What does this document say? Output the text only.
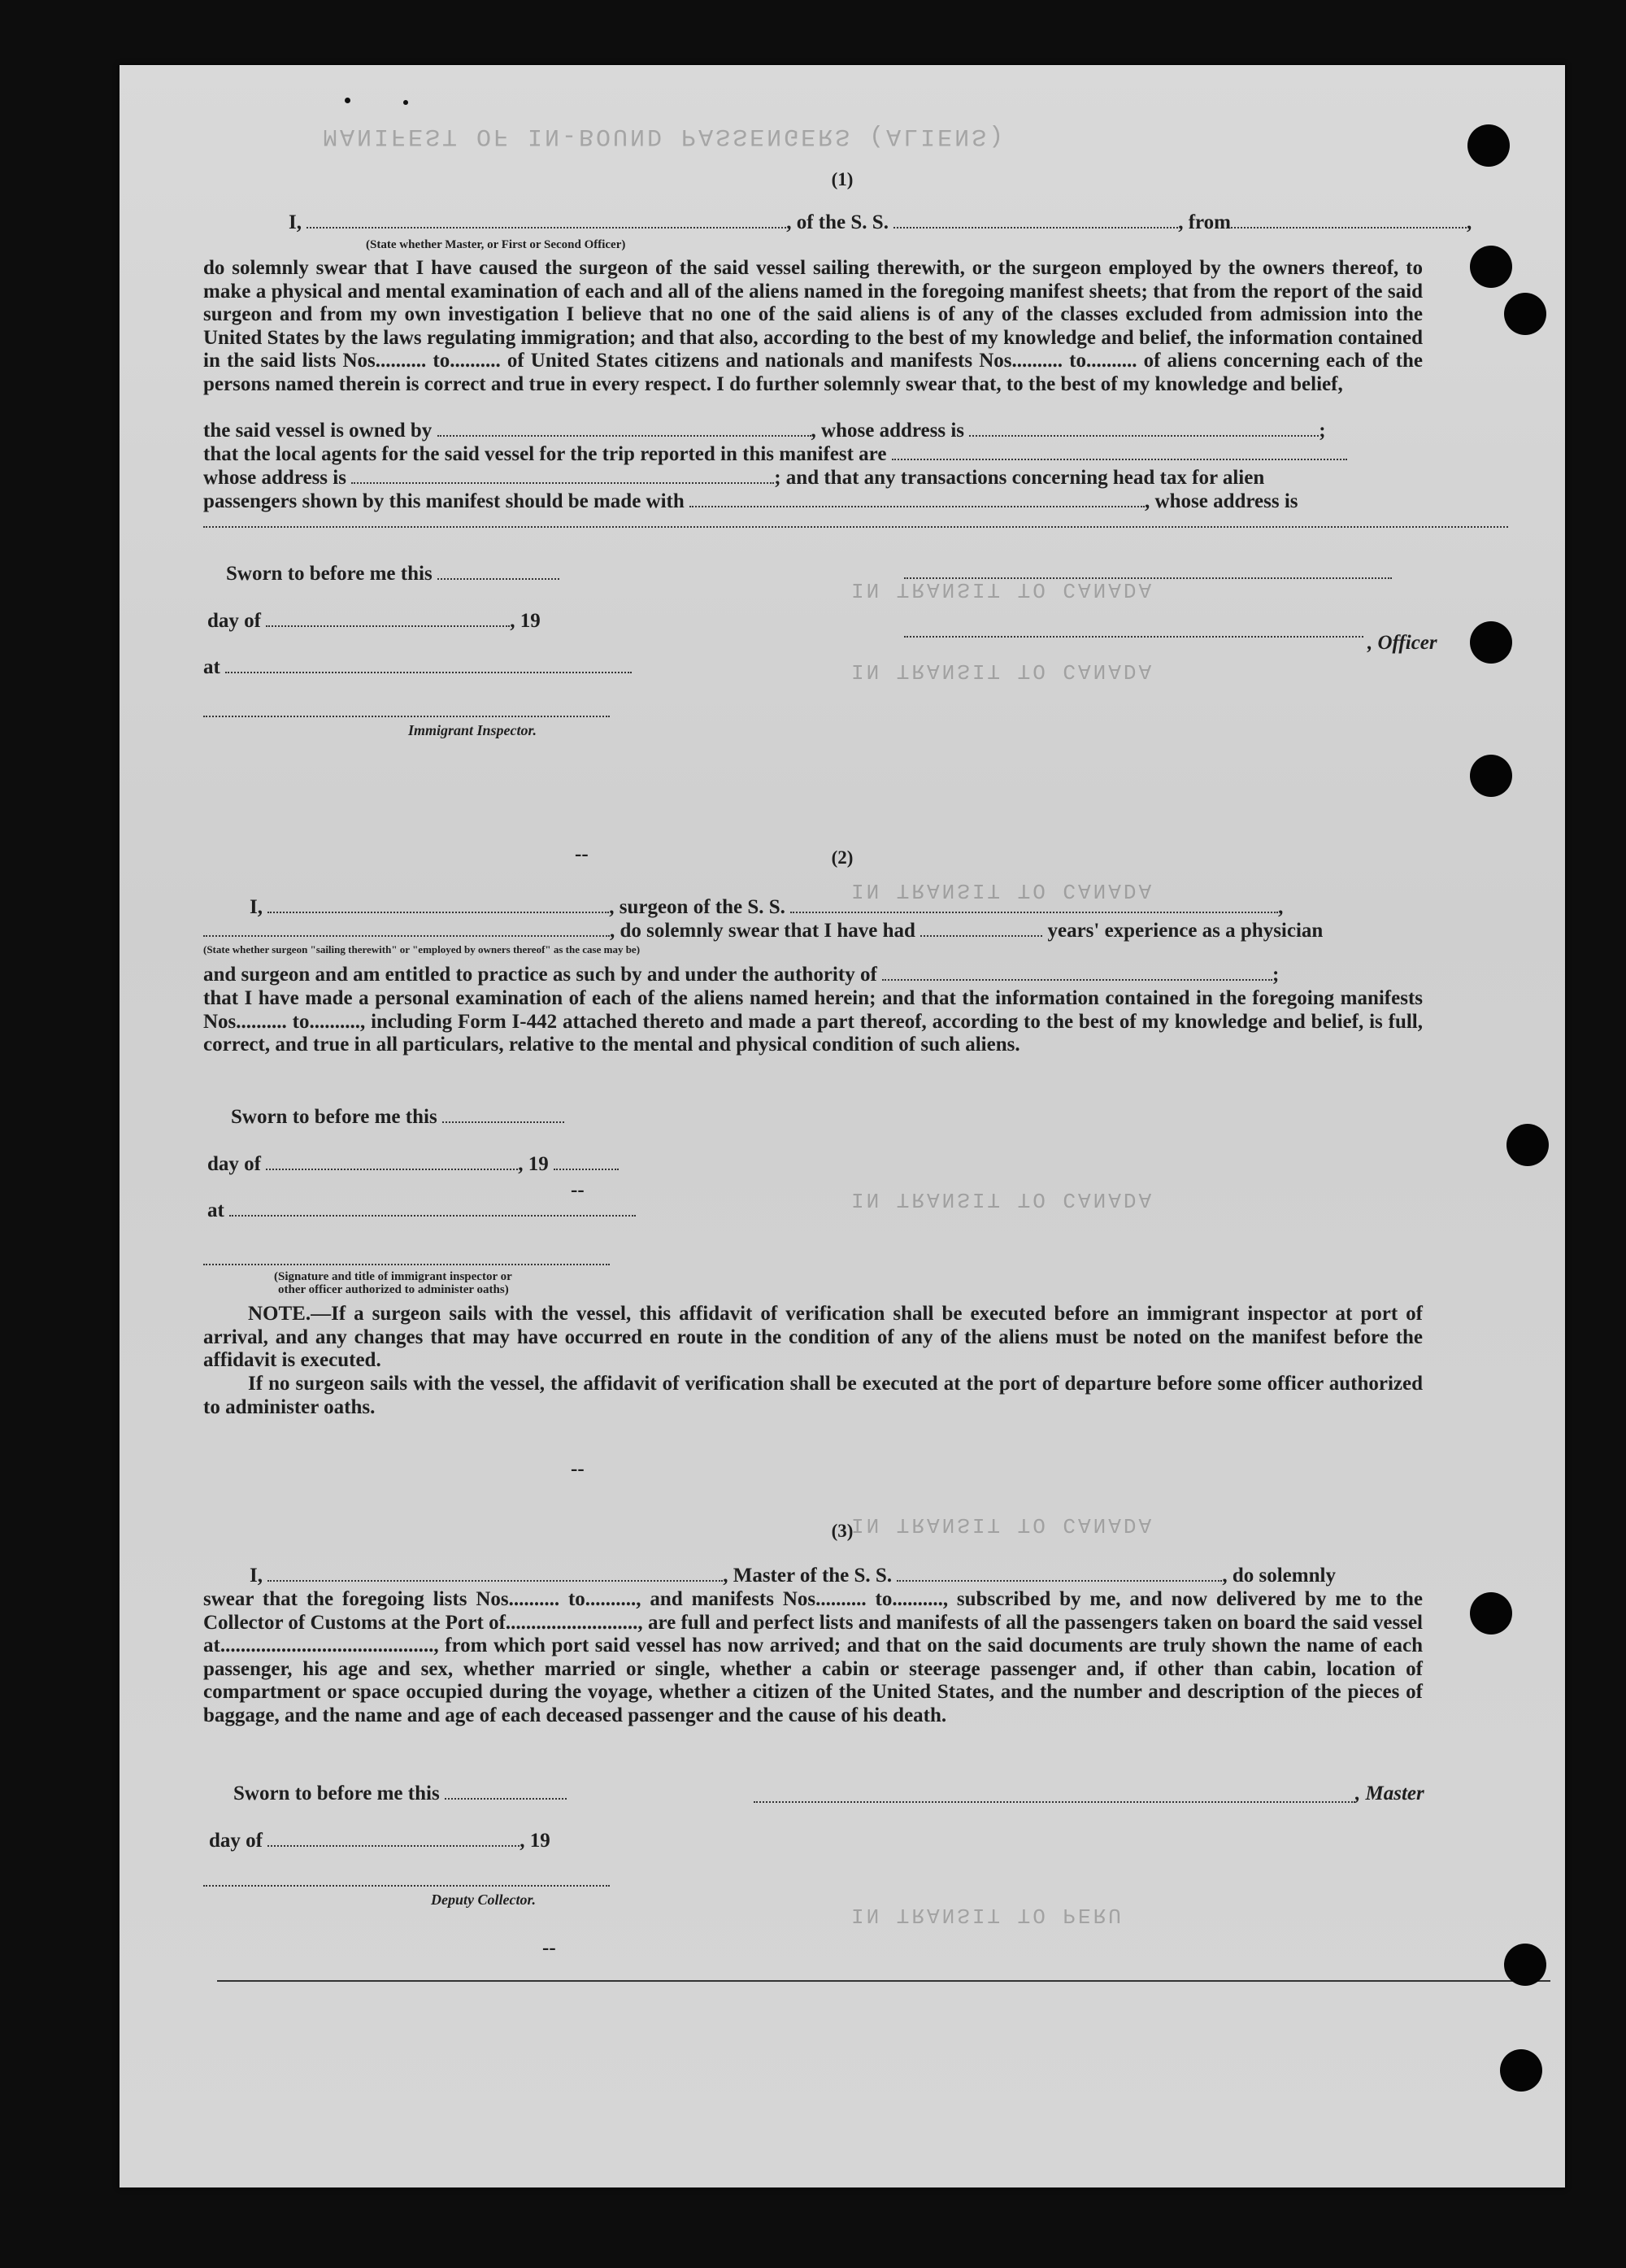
MANIFEST OF IN-BOUND PASSENGERS (ALIENS)
IN TRANSIT TO CANADA
IN TRANSIT TO CANADA
IN TRANSIT TO CANADA
IN TRANSIT TO CANADA
IN TRANSIT TO CANADA
IN TRANSIT TO PERU
(1)
I,	, of the S. S.	, from	,
(State whether Master, or First or Second Officer)
do solemnly swear that I have caused the surgeon of the said vessel sailing therewith, or the surgeon employed by the owners thereof, to make a physical and mental examination of each and all of the aliens named in the foregoing manifest sheets; that from the report of the said surgeon and from my own investigation I believe that no one of the said aliens is of any of the classes excluded from admission into the United States by the laws regulating immigration; and that also, according to the best of my knowledge and belief, the information contained in the said lists Nos.......... to.......... of United States citizens and nationals and manifests Nos.......... to.......... of aliens concerning each of the persons named therein is correct and true in every respect. I do further solemnly swear that, to the best of my knowledge and belief,
the said vessel is owned by	, whose address is	;
that the local agents for the said vessel for the trip reported in this manifest are
whose address is	; and that any transactions concerning head tax for alien
passengers shown by this manifest should be made with	, whose address is
Sworn to before me this
day of	, 19
at
, Officer
Immigrant Inspector.
--	(2)
I,	, surgeon of the S. S.	,
, do solemnly swear that I have had	years' experience as a physician
(State whether surgeon "sailing therewith" or "employed by owners thereof" as the case may be)
and surgeon and am entitled to practice as such by and under the authority of	;
that I have made a personal examination of each of the aliens named herein; and that the information contained in the foregoing manifests Nos.......... to.........., including Form I-442 attached thereto and made a part thereof, according to the best of my knowledge and belief, is full, correct, and true in all particulars, relative to the mental and physical condition of such aliens.
Sworn to before me this
day of	, 19
--
at
(Signature and title of immigrant inspector or
other officer authorized to administer oaths)
NOTE.—If a surgeon sails with the vessel, this affidavit of verification shall be executed before an immigrant inspector at port of arrival, and any changes that may have occurred en route in the condition of any of the aliens must be noted on the manifest before the affidavit is executed.
If no surgeon sails with the vessel, the affidavit of verification shall be executed at the port of departure before some officer authorized to administer oaths.
--
(3)
I,	, Master of the S. S.	, do solemnly
swear that the foregoing lists Nos.......... to.........., and manifests Nos.......... to.........., subscribed by me, and now delivered by me to the Collector of Customs at the Port of.........................., are full and perfect lists and manifests of all the passengers taken on board the said vessel at.........................................., from which port said vessel has now arrived; and that on the said documents are truly shown the name of each passenger, his age and sex, whether married or single, whether a cabin or steerage passenger and, if other than cabin, location of compartment or space occupied during the voyage, whether a citizen of the United States, and the number and description of the pieces of baggage, and the name and age of each deceased passenger and the cause of his death.
Sworn to before me this	, Master
day of	, 19
Deputy Collector.
--
